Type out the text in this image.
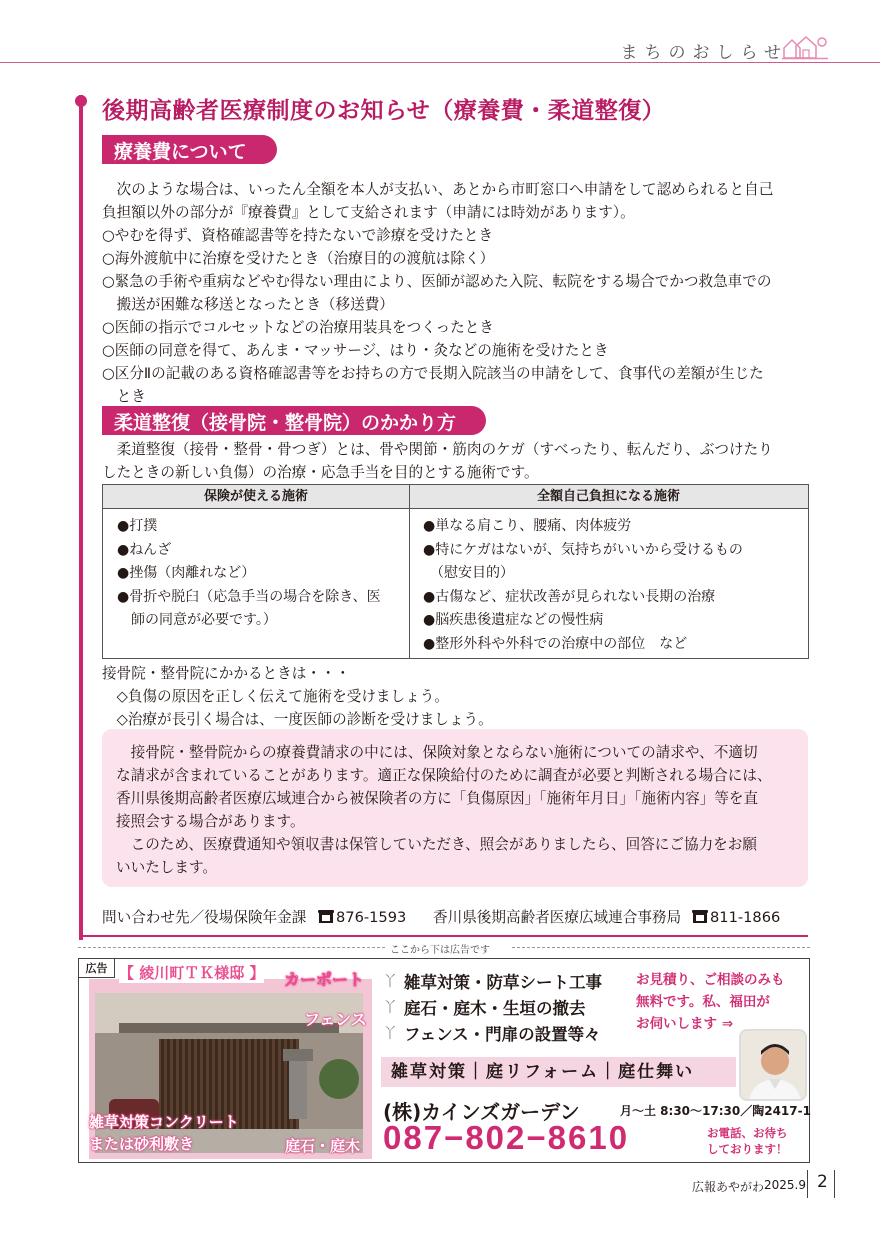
まちのおしらせ
後期高齢者医療制度のお知らせ（療養費・柔道整復）
療養費について
　次のような場合は、いったん全額を本人が支払い、あとから市町窓口へ申請をして認められると自己
負担額以外の部分が『療養費』として支給されます（申請には時効があります）。
○やむを得ず、資格確認書等を持たないで診療を受けたとき
○海外渡航中に治療を受けたとき（治療目的の渡航は除く）
○緊急の手術や重病などやむ得ない理由により、医師が認めた入院、転院をする場合でかつ救急車での
　搬送が困難な移送となったとき（移送費）
○医師の指示でコルセットなどの治療用装具をつくったとき
○医師の同意を得て、あんま・マッサージ、はり・灸などの施術を受けたとき
○区分Ⅱの記載のある資格確認書等をお持ちの方で長期入院該当の申請をして、食事代の差額が生じた
　とき
柔道整復（接骨院・整骨院）のかかり方
　柔道整復（接骨・整骨・骨つぎ）とは、骨や関節・筋肉のケガ（すべったり、転んだり、ぶつけたり
したときの新しい負傷）の治療・応急手当を目的とする施術です。
保険が使える施術	全額自己負担になる施術
●打撲
●ねんざ
●挫傷（肉離れなど）
●骨折や脱臼（応急手当の場合を除き、医
　師の同意が必要です。）
●単なる肩こり、腰痛、肉体疲労
●特にケガはないが、気持ちがいいから受けるもの
　（慰安目的）
●古傷など、症状改善が見られない長期の治療
●脳疾患後遺症などの慢性病
●整形外科や外科での治療中の部位　など
接骨院・整骨院にかかるときは・・・
　◇負傷の原因を正しく伝えて施術を受けましょう。
　◇治療が長引く場合は、一度医師の診断を受けましょう。
　接骨院・整骨院からの療養費請求の中には、保険対象とならない施術についての請求や、不適切
な請求が含まれていることがあります。適正な保険給付のために調査が必要と判断される場合には、
香川県後期高齢者医療広域連合から被保険者の方に「負傷原因」「施術年月日」「施術内容」等を直
接照会する場合があります。
　このため、医療費通知や領収書は保管していただき、照会がありましたら、回答にご協力をお願
いいたします。
問い合わせ先／役場保険年金課 876-1593 香川県後期高齢者医療広域連合事務局 811-1866
ここから下は広告です
広告 【 綾川町ＴＫ様邸 】 カーポート
フェンス
雑草対策コンクリート
または砂利敷き	庭石・庭木
丫 雑草対策・防草シート工事
丫 庭石・庭木・生垣の撤去
丫 フェンス・門扉の設置等々
お見積り、ご相談のみも
無料です。私、福田が
お伺いします ⇒
雑草対策｜庭リフォーム｜庭仕舞い
(株)カインズガーデン	月〜土 8:30〜17:30／陶2417-1
087−802−8610	お電話、お待ち
しております！
広報あやがわ 2025.9 2
